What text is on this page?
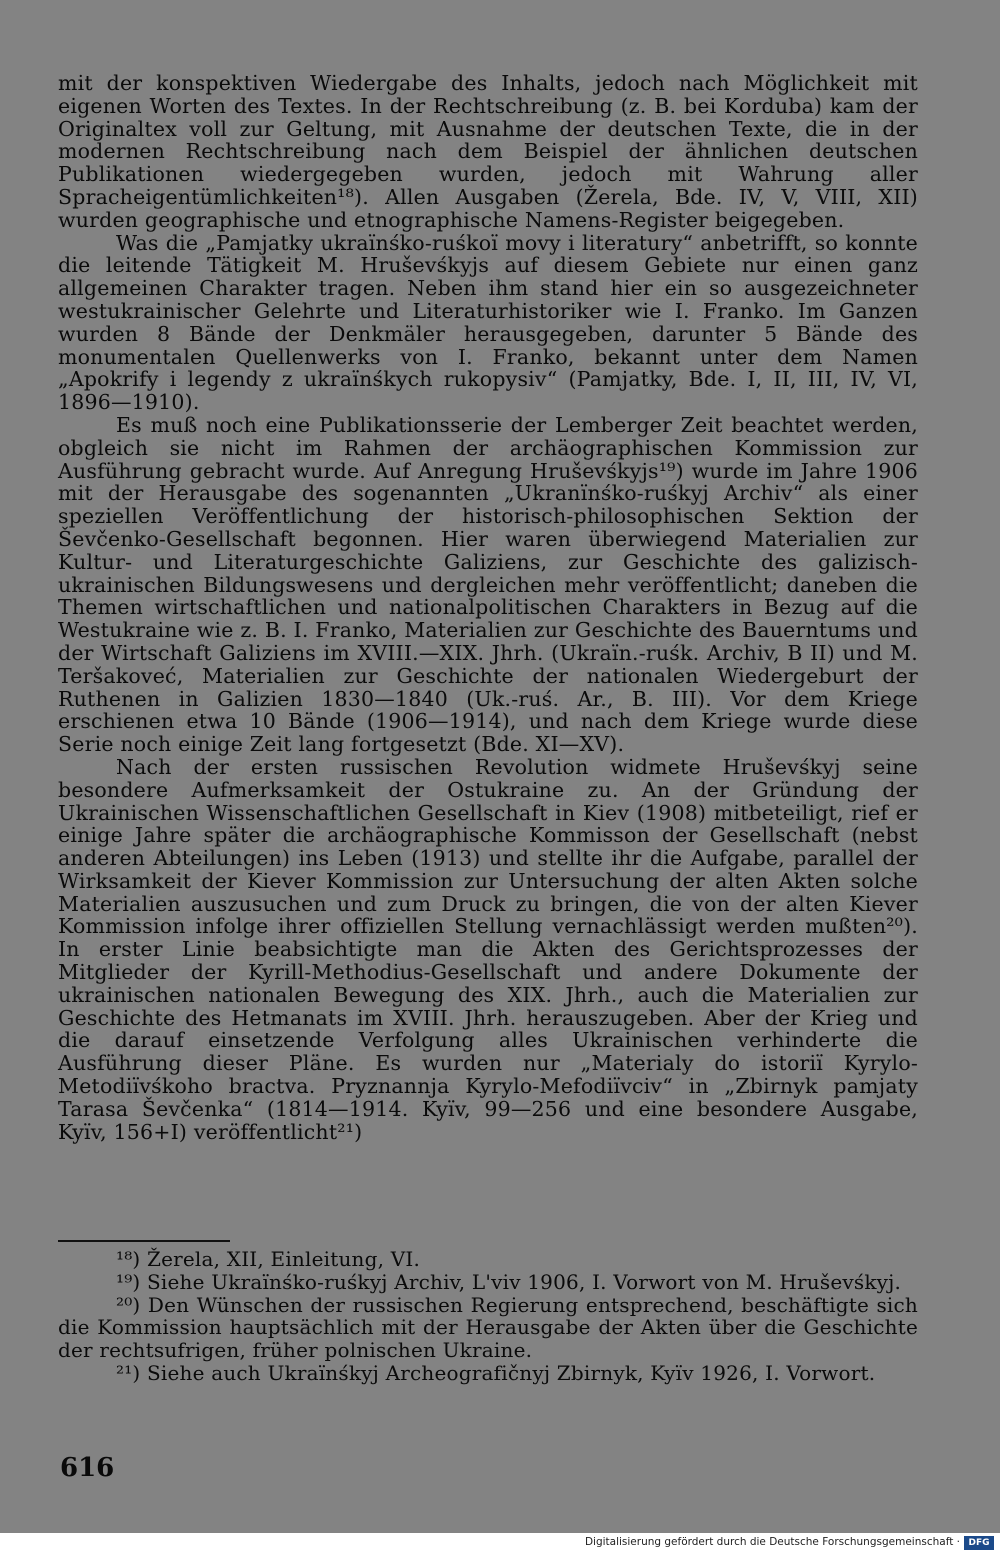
mit der konspektiven Wiedergabe des Inhalts, jedoch nach Möglichkeit mit eigenen Worten des Textes. In der Rechtschreibung (z. B. bei Korduba) kam der Originaltex voll zur Geltung, mit Ausnahme der deutschen Texte, die in der modernen Rechtschreibung nach dem Beispiel der ähnlichen deutschen Publikationen wiedergegeben wurden, jedoch mit Wahrung aller Spracheigentümlichkeiten¹⁸). Allen Ausgaben (Žerela, Bde. IV, V, VIII, XII) wurden geographische und etnographische Namens-Register beigegeben.

Was die „Pamjatky ukraïnśko-ruśkoï movy i literatury“ anbetrifft, so konnte die leitende Tätigkeit M. Hruševśkyjs auf diesem Gebiete nur einen ganz allgemeinen Charakter tragen. Neben ihm stand hier ein so ausgezeichneter westukrainischer Gelehrte und Literaturhistoriker wie I. Franko. Im Ganzen wurden 8 Bände der Denkmäler herausgegeben, darunter 5 Bände des monumentalen Quellenwerks von I. Franko, bekannt unter dem Namen „Apokrify i legendy z ukraïnśkych rukopysiv“ (Pamjatky, Bde. I, II, III, IV, VI, 1896—1910).

Es muß noch eine Publikationsserie der Lemberger Zeit beachtet werden, obgleich sie nicht im Rahmen der archäographischen Kommission zur Ausführung gebracht wurde. Auf Anregung Hruševśkyjs¹⁹) wurde im Jahre 1906 mit der Herausgabe des sogenannten „Ukranïnśko-ruśkyj Archiv“ als einer speziellen Veröffentlichung der historisch-philosophischen Sektion der Ševčenko-Gesellschaft begonnen. Hier waren überwiegend Materialien zur Kultur- und Literaturgeschichte Galiziens, zur Geschichte des galizisch-ukrainischen Bildungswesens und dergleichen mehr veröffentlicht; daneben die Themen wirtschaftlichen und nationalpolitischen Charakters in Bezug auf die Westukraine wie z. B. I. Franko, Materialien zur Geschichte des Bauerntums und der Wirtschaft Galiziens im XVIII.—XIX. Jhrh. (Ukraïn.-ruśk. Archiv, B II) und M. Teršakoveć, Materialien zur Geschichte der nationalen Wiedergeburt der Ruthenen in Galizien 1830—1840 (Uk.-ruś. Ar., B. III). Vor dem Kriege erschienen etwa 10 Bände (1906—1914), und nach dem Kriege wurde diese Serie noch einige Zeit lang fortgesetzt (Bde. XI—XV).

Nach der ersten russischen Revolution widmete Hruševśkyj seine besondere Aufmerksamkeit der Ostukraine zu. An der Gründung der Ukrainischen Wissenschaftlichen Gesellschaft in Kiev (1908) mitbeteiligt, rief er einige Jahre später die archäographische Kommisson der Gesellschaft (nebst anderen Abteilungen) ins Leben (1913) und stellte ihr die Aufgabe, parallel der Wirksamkeit der Kiever Kommission zur Untersuchung der alten Akten solche Materialien auszusuchen und zum Druck zu bringen, die von der alten Kiever Kommission infolge ihrer offiziellen Stellung vernachlässigt werden mußten²⁰). In erster Linie beabsichtigte man die Akten des Gerichtsprozesses der Mitglieder der Kyrill-Methodius-Gesellschaft und andere Dokumente der ukrainischen nationalen Bewegung des XIX. Jhrh., auch die Materialien zur Geschichte des Hetmanats im XVIII. Jhrh. herauszugeben. Aber der Krieg und die darauf einsetzende Verfolgung alles Ukrainischen verhinderte die Ausführung dieser Pläne. Es wurden nur „Materialy do istoriï Kyrylo-Metodiïvśkoho bractva. Pryznannja Kyrylo-Mefodiïvciv“ in „Zbirnyk pamjaty Tarasa Ševčenka“ (1814—1914. Kyïv, 99—256 und eine besondere Ausgabe, Kyïv, 156+I) veröffentlicht²¹)

¹⁸) Žerela, XII, Einleitung, VI.

¹⁹) Siehe Ukraïnśko-ruśkyj Archiv, L'viv 1906, I. Vorwort von M. Hruševśkyj.

²⁰) Den Wünschen der russischen Regierung entsprechend, beschäftigte sich die Kommission hauptsächlich mit der Herausgabe der Akten über die Geschichte der rechtsufrigen, früher polnischen Ukraine.

²¹) Siehe auch Ukraïnśkyj Archeografičnyj Zbirnyk, Kyïv 1926, I. Vorwort.

616
Digitalisierung gefördert durch die Deutsche Forschungsgemeinschaft · DFG
